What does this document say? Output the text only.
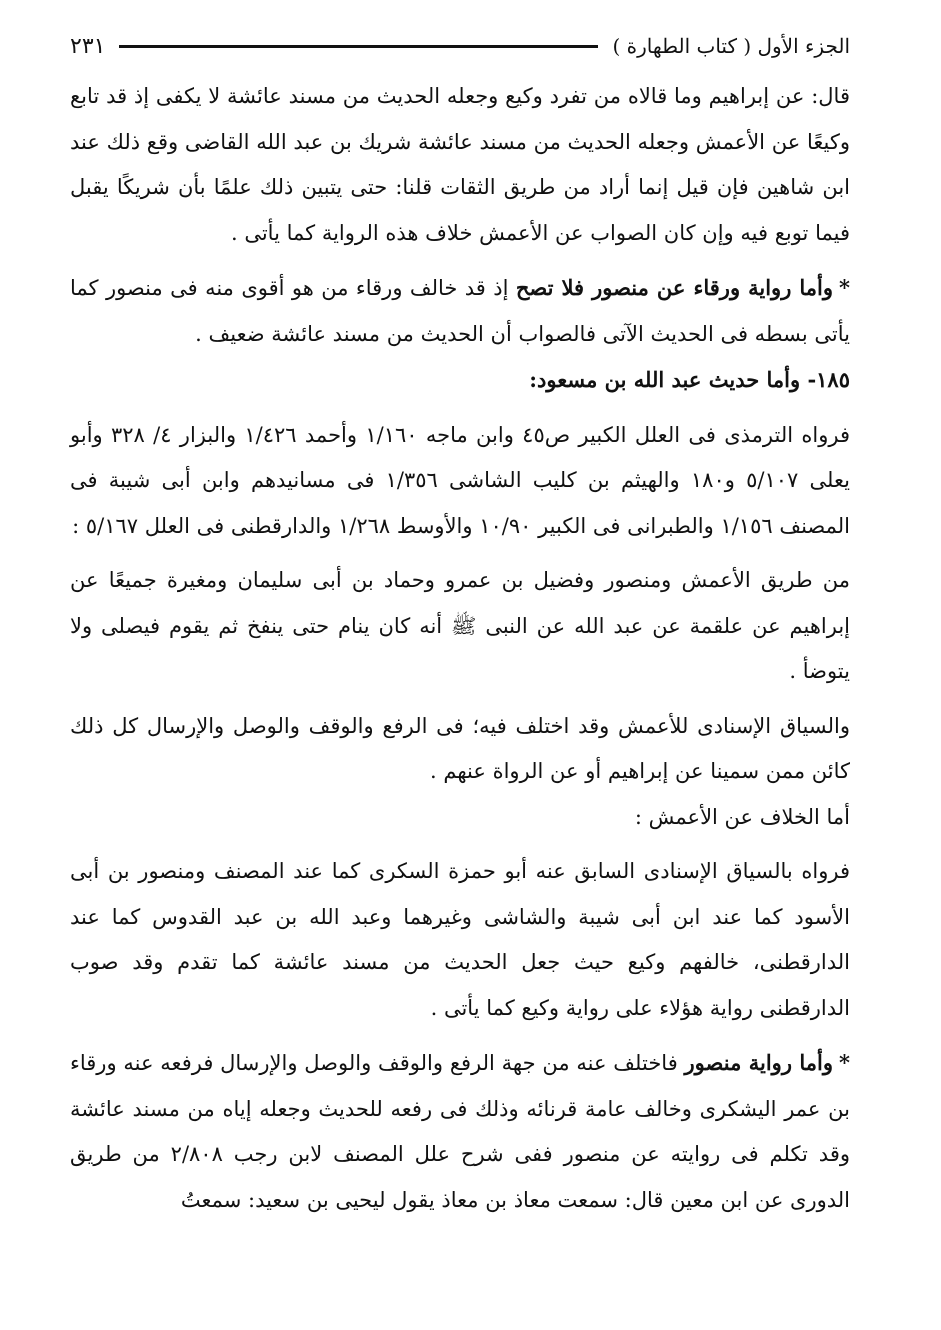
الجزء الأول ( كتاب الطهارة )
٢٣١

قال: عن إبراهيم وما قالاه من تفرد وكيع وجعله الحديث من مسند عائشة لا يكفى إذ قد تابع وكيعًا عن الأعمش وجعله الحديث من مسند عائشة شريك بن عبد الله القاضى وقع ذلك عند ابن شاهين فإن قيل إنما أراد من طريق الثقات قلنا: حتى يتبين ذلك علمًا بأن شريكًا يقبل فيما توبع فيه وإن كان الصواب عن الأعمش خلاف هذه الرواية كما يأتى .

*وأما رواية ورقاء عن منصور فلا تصح إذ قد خالف ورقاء من هو أقوى منه فى منصور كما يأتى بسطه فى الحديث الآتى فالصواب أن الحديث من مسند عائشة ضعيف .

١٨٥- وأما حديث عبد الله بن مسعود:

فرواه الترمذى فى العلل الكبير ص٤٥ وابن ماجه ١/١٦٠ وأحمد ١/٤٢٦ والبزار ٤/ ٣٢٨ وأبو يعلى ٥/١٠٧ و١٨٠ والهيثم بن كليب الشاشى ١/٣٥٦ فى مسانيدهم وابن أبى شيبة فى المصنف ١/١٥٦ والطبرانى فى الكبير ١٠/٩٠ والأوسط ١/٢٦٨ والدارقطنى فى العلل ٥/١٦٧ :

من طريق الأعمش ومنصور وفضيل بن عمرو وحماد بن أبى سليمان ومغيرة جميعًا عن إبراهيم عن علقمة عن عبد الله عن النبى ﷺ أنه كان ينام حتى ينفخ ثم يقوم فيصلى ولا يتوضأ .

والسياق الإسنادى للأعمش وقد اختلف فيه؛ فى الرفع والوقف والوصل والإرسال كل ذلك كائن ممن سمينا عن إبراهيم أو عن الرواة عنهم .

أما الخلاف عن الأعمش :

فرواه بالسياق الإسنادى السابق عنه أبو حمزة السكرى كما عند المصنف ومنصور بن أبى الأسود كما عند ابن أبى شيبة والشاشى وغيرهما وعبد الله بن عبد القدوس كما عند الدارقطنى، خالفهم وكيع حيث جعل الحديث من مسند عائشة كما تقدم وقد صوب الدارقطنى رواية هؤلاء على رواية وكيع كما يأتى .

*وأما رواية منصور فاختلف عنه من جهة الرفع والوقف والوصل والإرسال فرفعه عنه ورقاء بن عمر اليشكرى وخالف عامة قرنائه وذلك فى رفعه للحديث وجعله إياه من مسند عائشة وقد تكلم فى روايته عن منصور ففى شرح علل المصنف لابن رجب ٢/٨٠٨ من طريق الدورى عن ابن معين قال: سمعت معاذ بن معاذ يقول ليحيى بن سعيد: سمعتُ
